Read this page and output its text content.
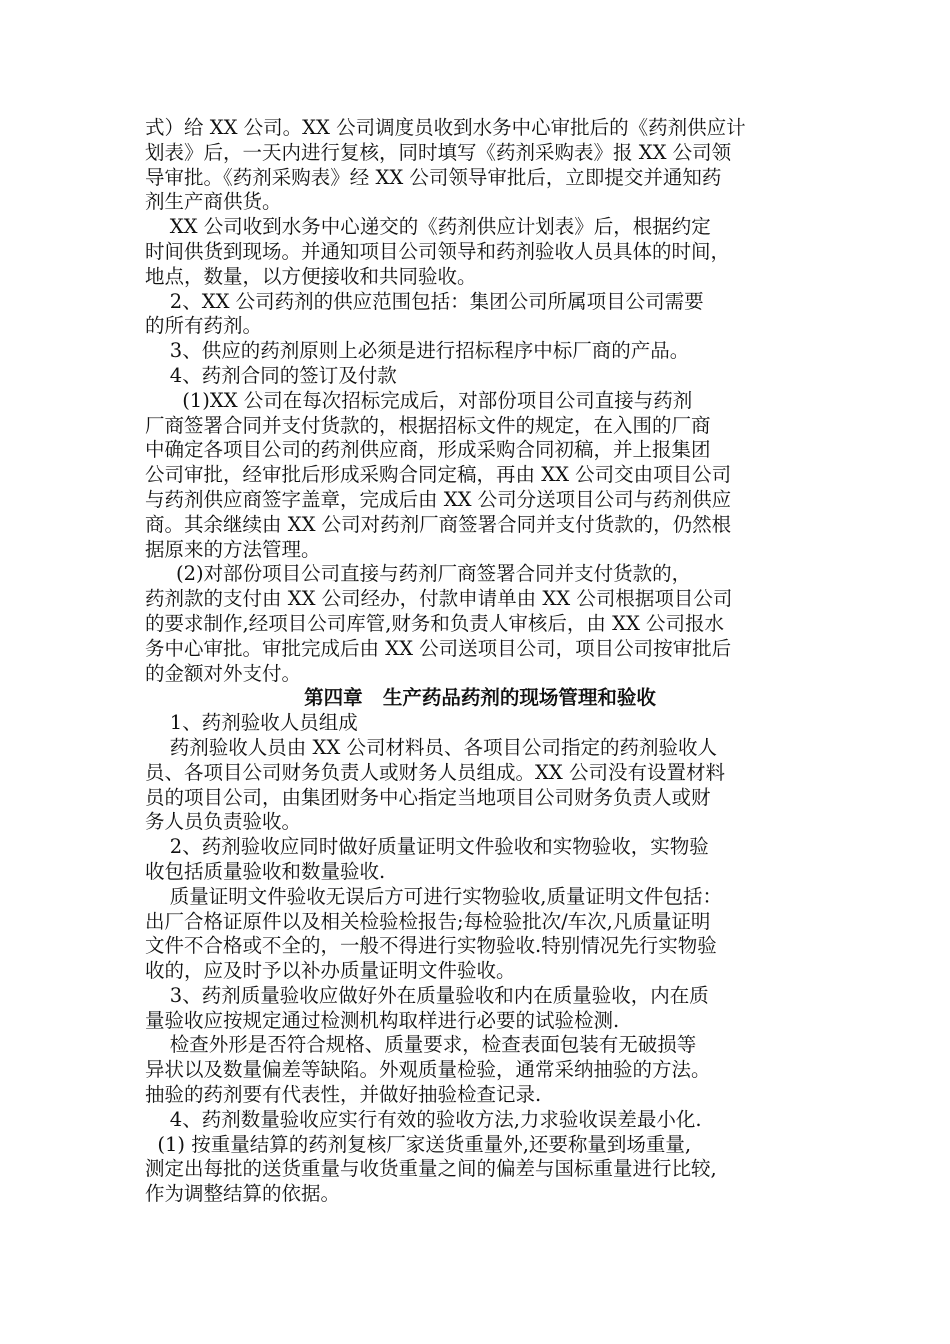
式）给 XX 公司。XX 公司调度员收到水务中心审批后的《药剂供应计
划表》后，一天内进行复核，同时填写《药剂采购表》报 XX 公司领
导审批。《药剂采购表》经 XX 公司领导审批后，立即提交并通知药
剂生产商供货。
XX 公司收到水务中心递交的《药剂供应计划表》后，根据约定
时间供货到现场。并通知项目公司领导和药剂验收人员具体的时间，
地点，数量，以方便接收和共同验收。
2、XX 公司药剂的供应范围包括：集团公司所属项目公司需要
的所有药剂。
3、供应的药剂原则上必须是进行招标程序中标厂商的产品。
4、药剂合同的签订及付款
(1)XX 公司在每次招标完成后，对部份项目公司直接与药剂
厂商签署合同并支付货款的，根据招标文件的规定，在入围的厂商
中确定各项目公司的药剂供应商，形成采购合同初稿，并上报集团
公司审批，经审批后形成采购合同定稿，再由 XX 公司交由项目公司
与药剂供应商签字盖章，完成后由 XX 公司分送项目公司与药剂供应
商。其余继续由 XX 公司对药剂厂商签署合同并支付货款的，仍然根
据原来的方法管理。
(2)对部份项目公司直接与药剂厂商签署合同并支付货款的，
药剂款的支付由 XX 公司经办，付款申请单由 XX 公司根据项目公司
的要求制作,经项目公司库管,财务和负责人审核后，由 XX 公司报水
务中心审批。审批完成后由 XX 公司送项目公司，项目公司按审批后
的金额对外支付。
第四章   生产药品药剂的现场管理和验收
1、药剂验收人员组成
药剂验收人员由 XX 公司材料员、各项目公司指定的药剂验收人
员、各项目公司财务负责人或财务人员组成。XX 公司没有设置材料
员的项目公司，由集团财务中心指定当地项目公司财务负责人或财
务人员负责验收。
2、药剂验收应同时做好质量证明文件验收和实物验收，实物验
收包括质量验收和数量验收.
质量证明文件验收无误后方可进行实物验收,质量证明文件包括：
出厂合格证原件以及相关检验检报告;每检验批次/车次,凡质量证明
文件不合格或不全的，一般不得进行实物验收.特别情况先行实物验
收的，应及时予以补办质量证明文件验收。
3、药剂质量验收应做好外在质量验收和内在质量验收，内在质
量验收应按规定通过检测机构取样进行必要的试验检测.
检查外形是否符合规格、质量要求，检查表面包装有无破损等
异状以及数量偏差等缺陷。外观质量检验，通常采纳抽验的方法。
抽验的药剂要有代表性，并做好抽验检查记录.
4、药剂数量验收应实行有效的验收方法,力求验收误差最小化.
(1) 按重量结算的药剂复核厂家送货重量外,还要称量到场重量,
测定出每批的送货重量与收货重量之间的偏差与国标重量进行比较,
作为调整结算的依据。
